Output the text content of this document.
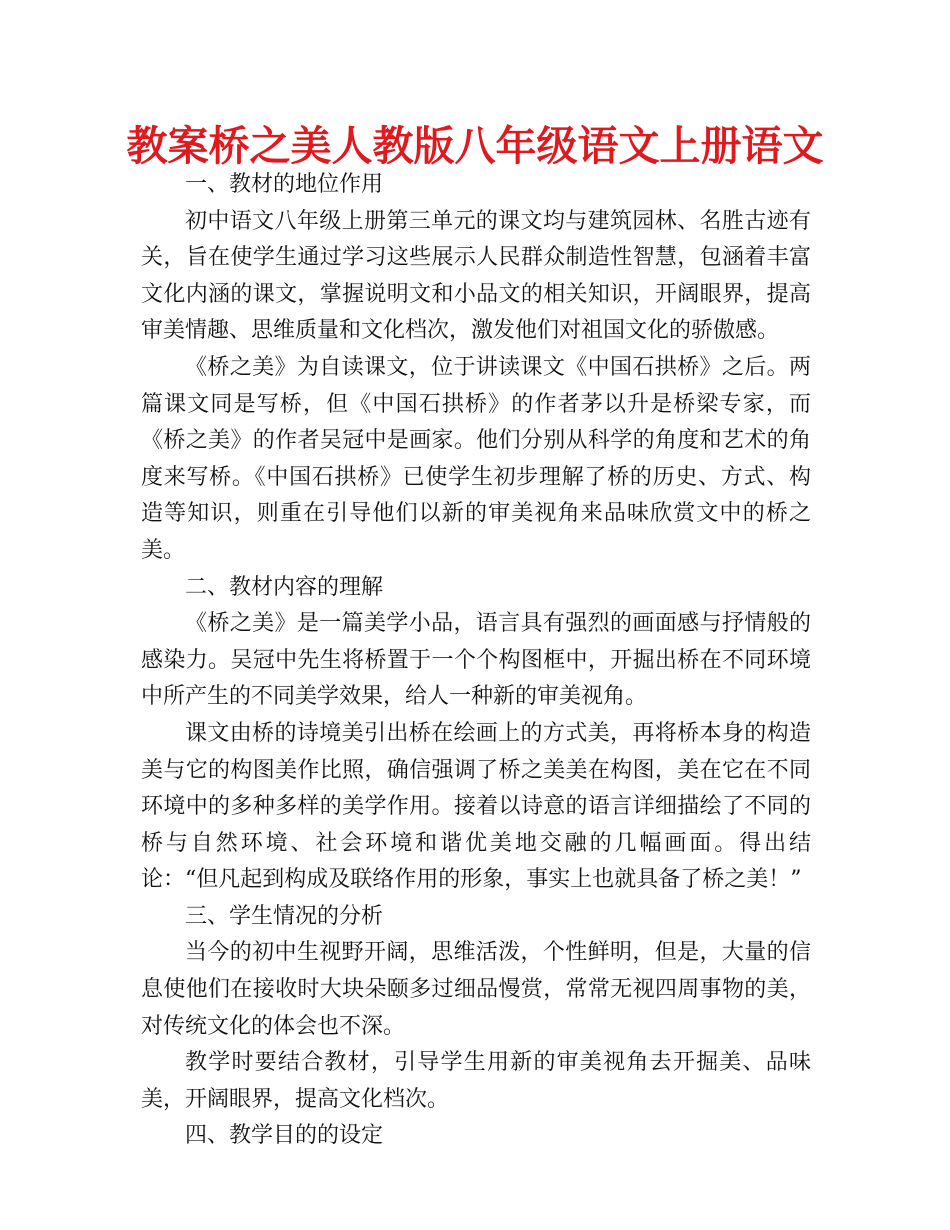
教案桥之美人教版八年级语文上册语文

一、教材的地位作用

初中语文八年级上册第三单元的课文均与建筑园林、名胜古迹有关，旨在使学生通过学习这些展示人民群众制造性智慧，包涵着丰富文化内涵的课文，掌握说明文和小品文的相关知识，开阔眼界，提高审美情趣、思维质量和文化档次，激发他们对祖国文化的骄傲感。

《桥之美》为自读课文，位于讲读课文《中国石拱桥》之后。两篇课文同是写桥，但《中国石拱桥》的作者茅以升是桥梁专家，而《桥之美》的作者吴冠中是画家。他们分别从科学的角度和艺术的角度来写桥。《中国石拱桥》已使学生初步理解了桥的历史、方式、构造等知识，则重在引导他们以新的审美视角来品味欣赏文中的桥之美。

二、教材内容的理解

《桥之美》是一篇美学小品，语言具有强烈的画面感与抒情般的感染力。吴冠中先生将桥置于一个个构图框中，开掘出桥在不同环境中所产生的不同美学效果，给人一种新的审美视角。

课文由桥的诗境美引出桥在绘画上的方式美，再将桥本身的构造美与它的构图美作比照，确信强调了桥之美美在构图，美在它在不同环境中的多种多样的美学作用。接着以诗意的语言详细描绘了不同的桥与自然环境、社会环境和谐优美地交融的几幅画面。得出结论：“但凡起到构成及联络作用的形象，事实上也就具备了桥之美！”

三、学生情况的分析

当今的初中生视野开阔，思维活泼，个性鲜明，但是，大量的信息使他们在接收时大块朵颐多过细品慢赏，常常无视四周事物的美，对传统文化的体会也不深。

教学时要结合教材，引导学生用新的审美视角去开掘美、品味美，开阔眼界，提高文化档次。

四、教学目的的设定
